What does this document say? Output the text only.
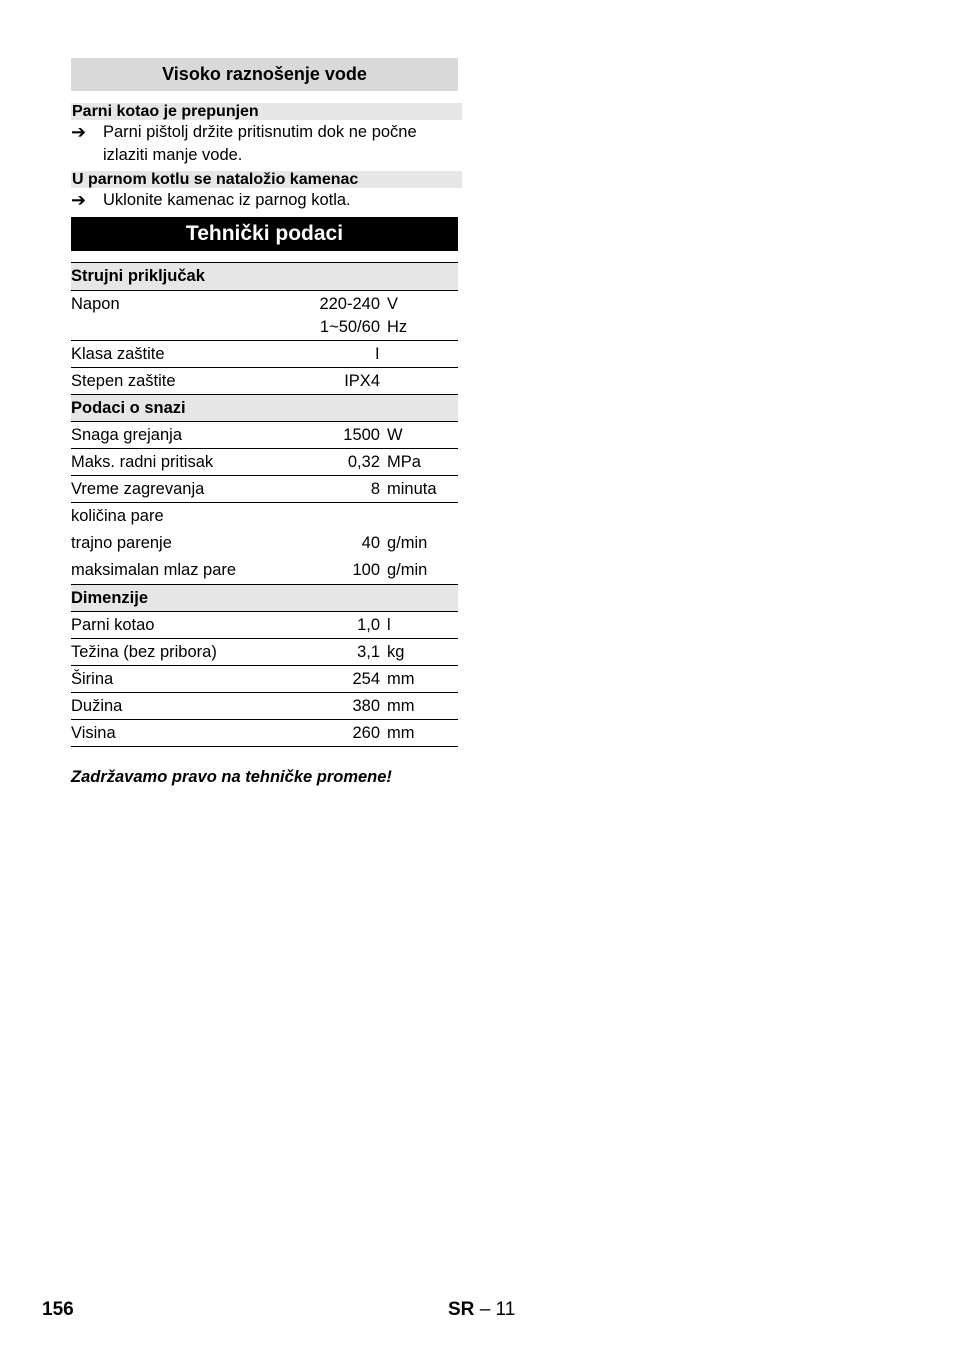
Visoko raznošenje vode
Parni kotao je prepunjen
➔	Parni pištolj držite pritisnutim dok ne počne izlaziti manje vode.
U parnom kotlu se nataložio kamenac
➔	Uklonite kamenac iz parnog kotla.
Tehnički podaci
Strujni priključak
Napon	220-240 V
1~50/60 Hz
Klasa zaštite	I
Stepen zaštite	IPX4
Podaci o snazi
Snaga grejanja	1500 W
Maks. radni pritisak	0,32 MPa
Vreme zagrevanja	8 minuta
količina pare
trajno parenje	40 g/min
maksimalan mlaz pare	100 g/min
Dimenzije
Parni kotao	1,0 l
Težina (bez pribora)	3,1 kg
Širina	254 mm
Dužina	380 mm
Visina	260 mm
Zadržavamo pravo na tehničke promene!
156	SR – 11
